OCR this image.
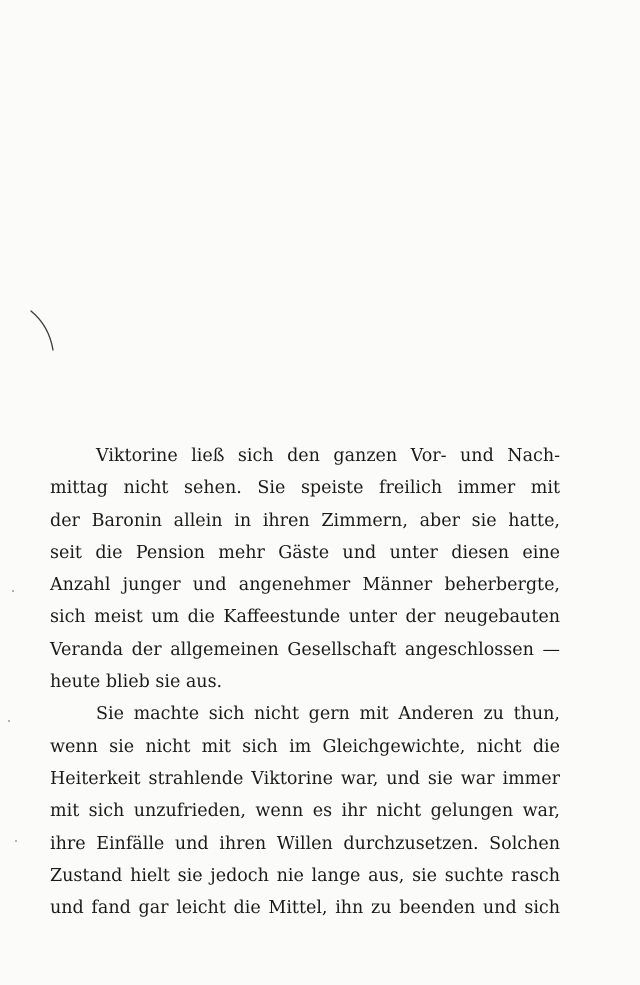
Viktorine ließ sich den ganzen Vor- und Nach-
mittag nicht sehen. Sie speiste freilich immer mit
der Baronin allein in ihren Zimmern, aber sie hatte,
seit die Pension mehr Gäste und unter diesen eine
Anzahl junger und angenehmer Männer beherbergte,
sich meist um die Kaffeestunde unter der neugebauten
Veranda der allgemeinen Gesellschaft angeschlossen —
heute blieb sie aus.
Sie machte sich nicht gern mit Anderen zu thun,
wenn sie nicht mit sich im Gleichgewichte, nicht die
Heiterkeit strahlende Viktorine war, und sie war immer
mit sich unzufrieden, wenn es ihr nicht gelungen war,
ihre Einfälle und ihren Willen durchzusetzen. Solchen
Zustand hielt sie jedoch nie lange aus, sie suchte rasch
und fand gar leicht die Mittel, ihn zu beenden und sich
